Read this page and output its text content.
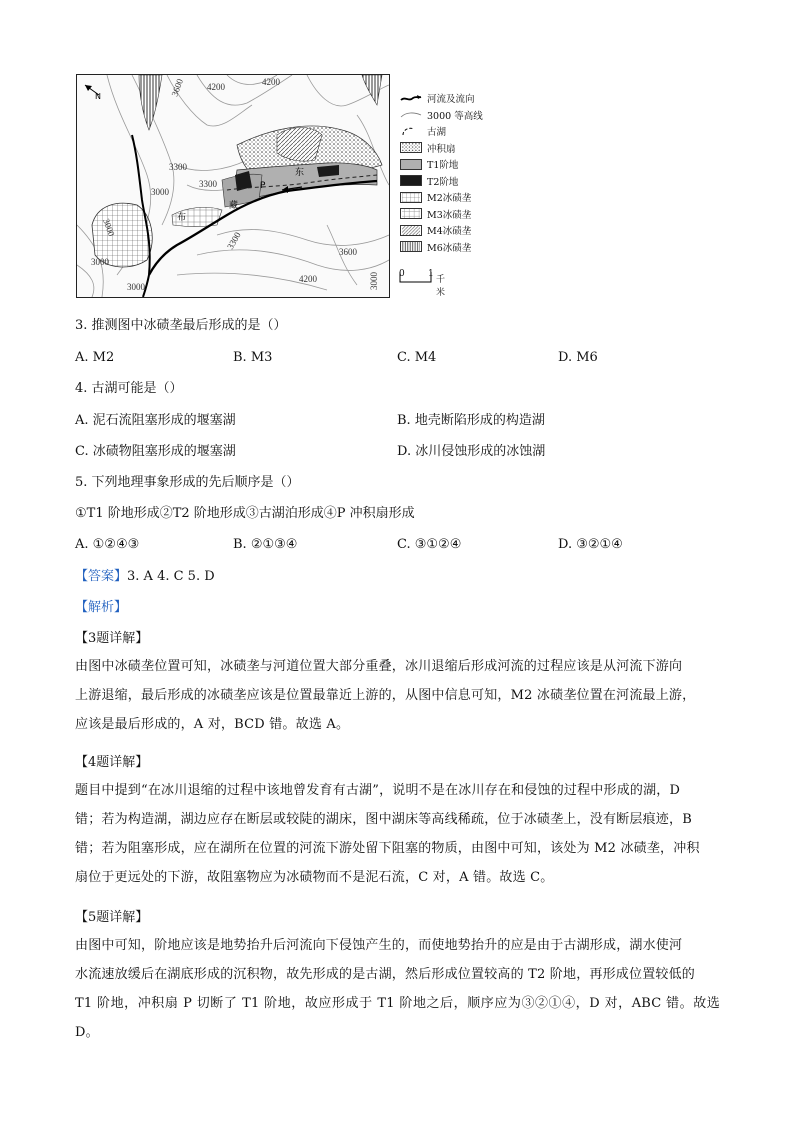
N	3600 4200	4200
3300
3300
3000
3000
3300
3600
4200	3000
3000
3000
P
东
藏
布
河流及流向
3000 等高线
古湖
冲积扇
T1阶地
T2阶地
M2冰碛垄
M3冰碛垄
M4冰碛垄
M6冰碛垄
0	1
千米
3. 推测图中冰碛垄最后形成的是（）
A. M2	B. M3	C. M4	D. M6
4. 古湖可能是（）
A. 泥石流阻塞形成的堰塞湖	B. 地壳断陷形成的构造湖
C. 冰碛物阻塞形成的堰塞湖	D. 冰川侵蚀形成的冰蚀湖
5. 下列地理事象形成的先后顺序是（）
①T1 阶地形成②T2 阶地形成③古湖泊形成④P 冲积扇形成
A. ①②④③	B. ②①③④	C. ③①②④	D. ③②①④
【答案】3. A 4. C 5. D
【解析】
【3题详解】
由图中冰碛垄位置可知，冰碛垄与河道位置大部分重叠，冰川退缩后形成河流的过程应该是从河流下游向
上游退缩，最后形成的冰碛垄应该是位置最靠近上游的，从图中信息可知，M2 冰碛垄位置在河流最上游，
应该是最后形成的，A 对，BCD 错。故选 A。
【4题详解】
题目中提到“在冰川退缩的过程中该地曾发育有古湖”，说明不是在冰川存在和侵蚀的过程中形成的湖，D
错；若为构造湖，湖边应存在断层或较陡的湖床，图中湖床等高线稀疏，位于冰碛垄上，没有断层痕迹，B
错；若为阻塞形成，应在湖所在位置的河流下游处留下阻塞的物质，由图中可知，该处为 M2 冰碛垄，冲积
扇位于更远处的下游，故阻塞物应为冰碛物而不是泥石流，C 对，A 错。故选 C。
【5题详解】
由图中可知，阶地应该是地势抬升后河流向下侵蚀产生的，而使地势抬升的应是由于古湖形成，湖水使河
水流速放缓后在湖底形成的沉积物，故先形成的是古湖，然后形成位置较高的 T2 阶地，再形成位置较低的
T1 阶地，冲积扇 P 切断了 T1 阶地，故应形成于 T1 阶地之后，顺序应为③②①④，D 对，ABC 错。故选 D。
